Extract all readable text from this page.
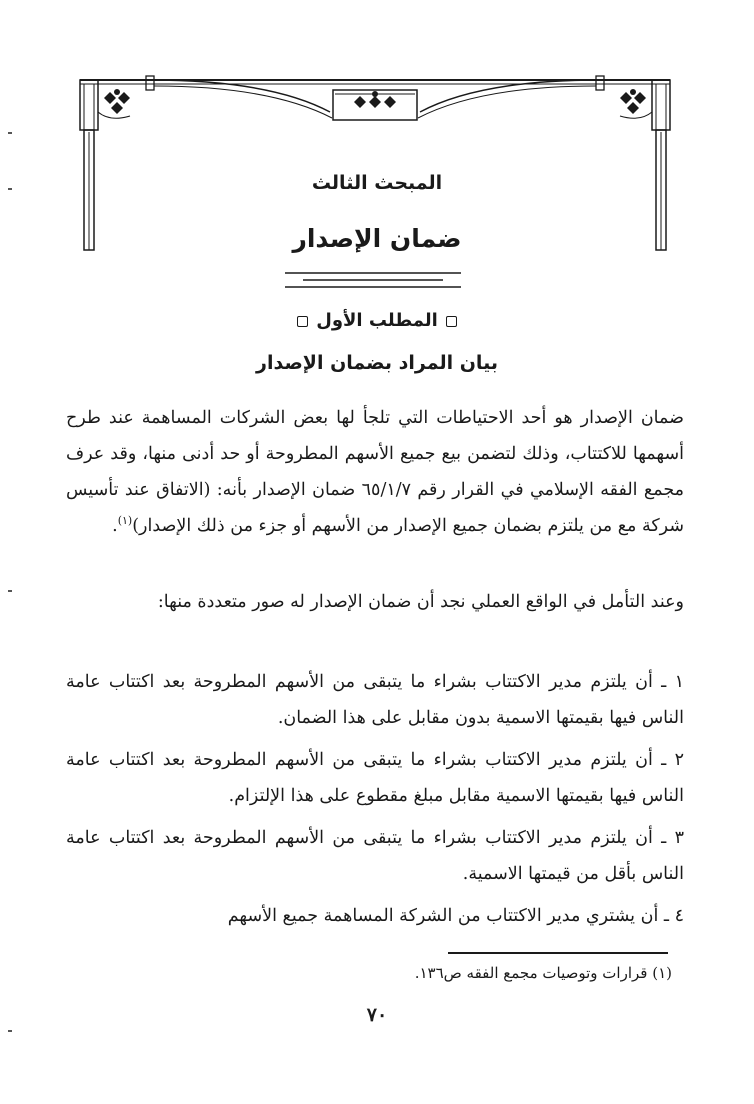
المبحث الثالث
ضمان الإصدار
المطلب الأول
بيان المراد بضمان الإصدار
ضمان الإصدار هو أحد الاحتياطات التي تلجأ لها بعض الشركات المساهمة عند طرح أسهمها للاكتتاب، وذلك لتضمن بيع جميع الأسهم المطروحة أو حد أدنى منها، وقد عرف مجمع الفقه الإسلامي في القرار رقم ٦٥/١/٧ ضمان الإصدار بأنه: (الاتفاق عند تأسيس شركة مع من يلتزم بضمان جميع الإصدار من الأسهم أو جزء من ذلك الإصدار)$^{(١)}$.
وعند التأمل في الواقع العملي نجد أن ضمان الإصدار له صور متعددة منها:
١ ـ أن يلتزم مدير الاكتتاب بشراء ما يتبقى من الأسهم المطروحة بعد اكتتاب عامة الناس فيها بقيمتها الاسمية بدون مقابل على هذا الضمان.
٢ ـ أن يلتزم مدير الاكتتاب بشراء ما يتبقى من الأسهم المطروحة بعد اكتتاب عامة الناس فيها بقيمتها الاسمية مقابل مبلغ مقطوع على هذا الإلتزام.
٣ ـ أن يلتزم مدير الاكتتاب بشراء ما يتبقى من الأسهم المطروحة بعد اكتتاب عامة الناس بأقل من قيمتها الاسمية.
٤ ـ أن يشتري مدير الاكتتاب من الشركة المساهمة جميع الأسهم
(١) قرارات وتوصيات مجمع الفقه ص١٣٦.
٧٠
